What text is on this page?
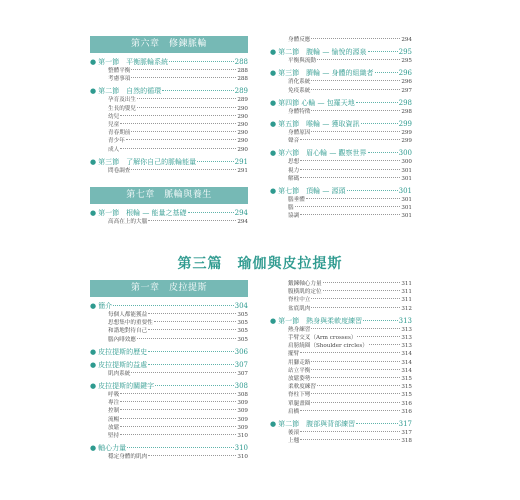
第六章　修鍊脈輪
● 第一節　平衡脈輪系統	288
整體平衡	288
考慮事項	288
● 第二節　自然的循環	289
孕育及出生	289
生長的嬰兒	290
幼兒	290
兒童	290
青春期前	290
青少年	290
成人	290
● 第三節　了解你自己的脈輪能量	291
問卷調查	291
第七章　脈輪與養生
● 第一節　根輪 — 能量之基礎	294
高高在上的大腦	294
身體反應	294
● 第二節　腹輪 — 愉悅的源泉	295
平衡與流動	295
● 第三節　臍輪 — 身體的組織者	296
消化系統	296
免疫系統	297
● 第四節 心輪 — 包羅天地	298
身體特徵	298
● 第五節　喉輪 — 獲取資訊	299
身體原因	299
聲音	299
● 第六節　眉心輪 — 觀察世界	300
思想	300
視力	301
解碼	301
● 第七節　頂輪 — 源頭	301
腦垂體	301
腦	301
協調	301
第三篇　瑜伽與皮拉提斯
第一章　皮拉提斯
● 簡介	304
每個人都能獲益	305
思想集中的重要性	305
和諧地對待自己	305
腦內啡效應	305
● 皮拉提斯的歷史	306
● 皮拉提斯的益處	307
肌肉系統	307
● 皮拉提斯的關鍵字	308
呼吸	308
專注	309
控制	309
流暢	309
放鬆	309
堅持	310
● 軸心力量	310
穩定身體的肌肉	310
鍛鍊軸心力量	311
腹横肌的定位	311
脊柱中立	311
盆底肌肉	312
● 第一節　熱身與柔軟度練習	313
熱身練習	313
手臂交叉（Arm crosses）	313
肩膀繞圈（Shoulder circles）	313
擺臂	314
用腳走路	314
站立平衡	314
放鬆姿勢	315
柔軟度練習	315
脊柱下彎	315
單腿畫圈	316
肩橋	316
● 第二節　腹部與背部練習	317
後滚	317
上翹	318
